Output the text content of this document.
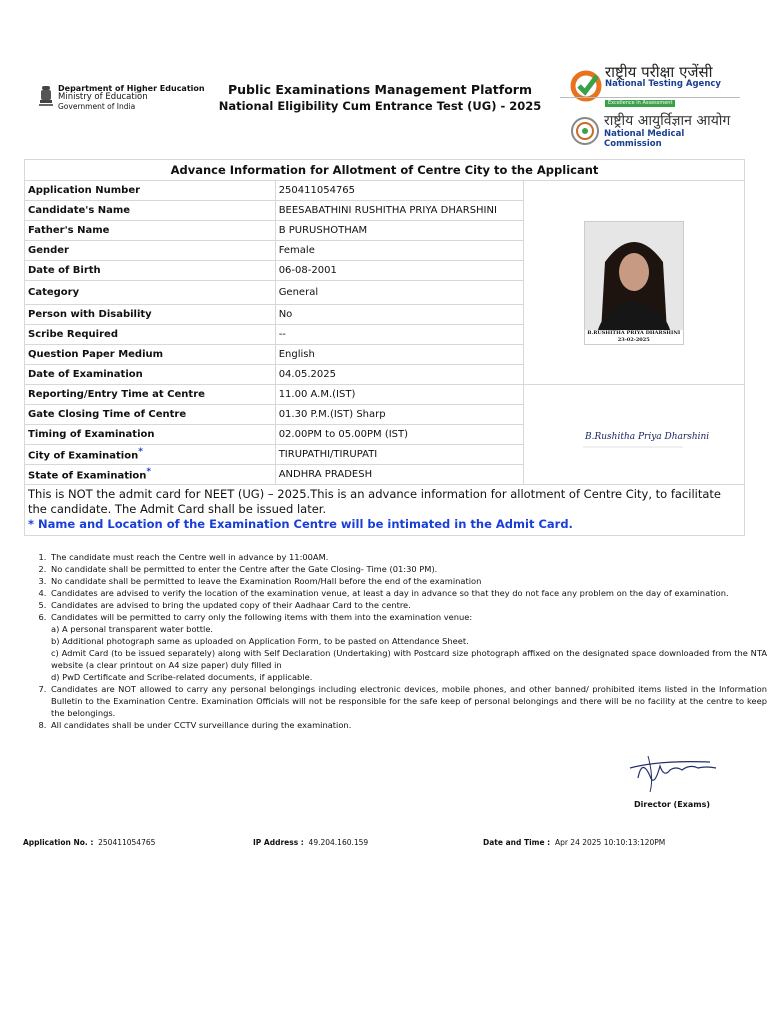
Department of Higher Education
Ministry of Education
Government of India
Public Examinations Management Platform
National Eligibility Cum Entrance Test (UG) - 2025
राष्ट्रीय परीक्षा एजेंसी
National Testing Agency
Excellence in Assessment
राष्ट्रीय आयुर्विज्ञान आयोग
National Medical Commission
Advance Information for Allotment of Centre City to the Applicant		
Application Number	250411054765	B.RUSHITHA PRIYA DHARSHINI
23-02-2025

Candidate's Name	BEESABATHINI RUSHITHA PRIYA DHARSHINI	
Father's Name	B PURUSHOTHAM	
Gender	Female	
Date of Birth	06-08-2001	
Category	General	
Person with Disability	No	
Scribe Required	--	
Question Paper Medium	English	
Date of Examination	04.05.2025	
Reporting/Entry Time at Centre	11.00 A.M.(IST)	B.Rushitha Priya Dharshini

Gate Closing Time of Centre	01.30 P.M.(IST) Sharp	
Timing of Examination	02.00PM to 05.00PM (IST)	
City of Examination*	TIRUPATHI/TIRUPATI	
State of Examination*	ANDHRA PRADESH	
This is NOT the admit card for NEET (UG) – 2025.This is an advance information for allotment of Centre City, to facilitate the candidate. The Admit Card shall be issued later.
* Name and Location of the Examination Centre will be intimated in the Admit Card.		
1. The candidate must reach the Centre well in advance by 11:00AM.
2. No candidate shall be permitted to enter the Centre after the Gate Closing- Time (01:30 PM).
3. No candidate shall be permitted to leave the Examination Room/Hall before the end of the examination
4. Candidates are advised to verify the location of the examination venue, at least a day in advance so that they do not face any problem on the day of examination.
5. Candidates are advised to bring the updated copy of their Aadhaar Card to the centre.
6. Candidates will be permitted to carry only the following items with them into the examination venue:
a) A personal transparent water bottle.
b) Additional photograph same as uploaded on Application Form, to be pasted on Attendance Sheet.
c) Admit Card (to be issued separately) along with Self Declaration (Undertaking) with Postcard size photograph affixed on the designated space downloaded from the NTA website (a clear printout on A4 size paper) duly filled in
d) PwD Certificate and Scribe-related documents, if applicable.
7. Candidates are NOT allowed to carry any personal belongings including electronic devices, mobile phones, and other banned/ prohibited items listed in the Information Bulletin to the Examination Centre. Examination Officials will not be responsible for the safe keep of personal belongings and there will be no facility at the centre to keep the belongings.
8. All candidates shall be under CCTV surveillance during the examination.
Director (Exams)
Application No. : 250411054765	IP Address : 49.204.160.159	Date and Time : Apr 24 2025 10:10:13:120PM
